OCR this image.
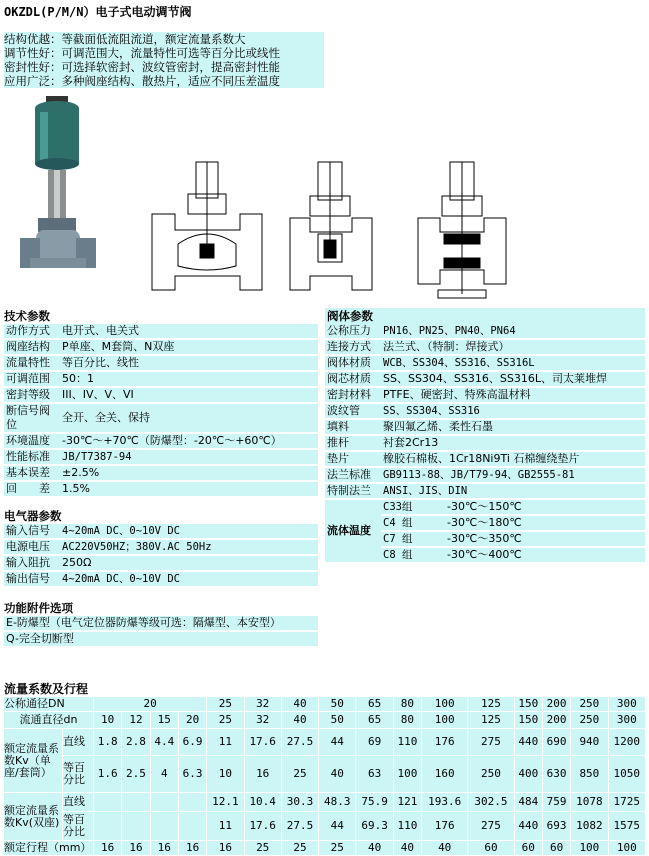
OKZDL(P/M/N）电子式电动调节阀
结构优越：等截面低流阻流道，额定流量系数大
调节性好：可调范围大，流量特性可选等百分比或线性
密封性好：可选择软密封、波纹管密封，提高密封性能
应用广泛：多种阀座结构、散热片，适应不同压差温度
技术参数
动作方式	电开式、电关式
阀座结构	P单座、M套筒、N双座
流量特性	等百分比、线性
可调范围	50：1
密封等级	III、IV、V、VI
断信号阀位	全开、全关、保持
环境温度	-30℃～+70℃（防爆型：-20℃～+60℃）
性能标准	JB/T7387-94
基本误差	±2.5%
回　　差	1.5%
电气器参数
输入信号	4~20mA DC、0~10V DC
电源电压	AC220V50HZ；380V.AC 50Hz
输入阻抗	250Ω
输出信号	4~20mA DC、0~10V DC
功能附件选项
E-防爆型（电气定位器防爆等级可选：隔爆型、本安型）
Q-完全切断型
阀体参数
公称压力	PN16、PN25、PN40、PN64
连接方式	法兰式、（特制：焊接式）
阀体材质	WCB、SS304、SS316、SS316L
阀芯材质	SS、SS304、SS316、SS316L、司太莱堆焊
密封材料	PTFE、硬密封、特殊高温材料
波纹管	SS、SS304、SS316
填料	聚四氟乙烯、柔性石墨
推杆	衬套2Cr13
垫片	橡胶石棉板、1Cr18Ni9Ti 石棉缠绕垫片
法兰标准	GB9113-88、JB/T79-94、GB2555-81
特制法兰	ANSI、JIS、DIN
流体温度	C33组	-30℃～150℃
	C4 组	-30℃～180℃
	C7 组	-30℃～350℃
	C8 组	-30℃～400℃
流量系数及行程
公称通径DN		20				25	32	40	50	65	80	100	125	150	200	250	300
流通直径dn		10	12	15	20	25	32	40	50	65	80	100	125	150	200	250	300
额定流量系数Kv（单座/套筒）	直线	1.8	2.8	4.4	6.9	11	17.6	27.5	44	69	110	176	275	440	690	940	1200
	等百分比	1.6	2.5	4	6.3	10	16	25	40	63	100	160	250	400	630	850	1050
额定流量系数Kv(双座)	直线					12.1	10.4	30.3	48.3	75.9	121	193.6	302.5	484	759	1078	1725
	等百分比					11	17.6	27.5	44	69.3	110	176	275	440	693	1082	1575
额定行程（mm）		16	16	16	16	16	25	25	25	40	40	40	60	60	60	100	100
